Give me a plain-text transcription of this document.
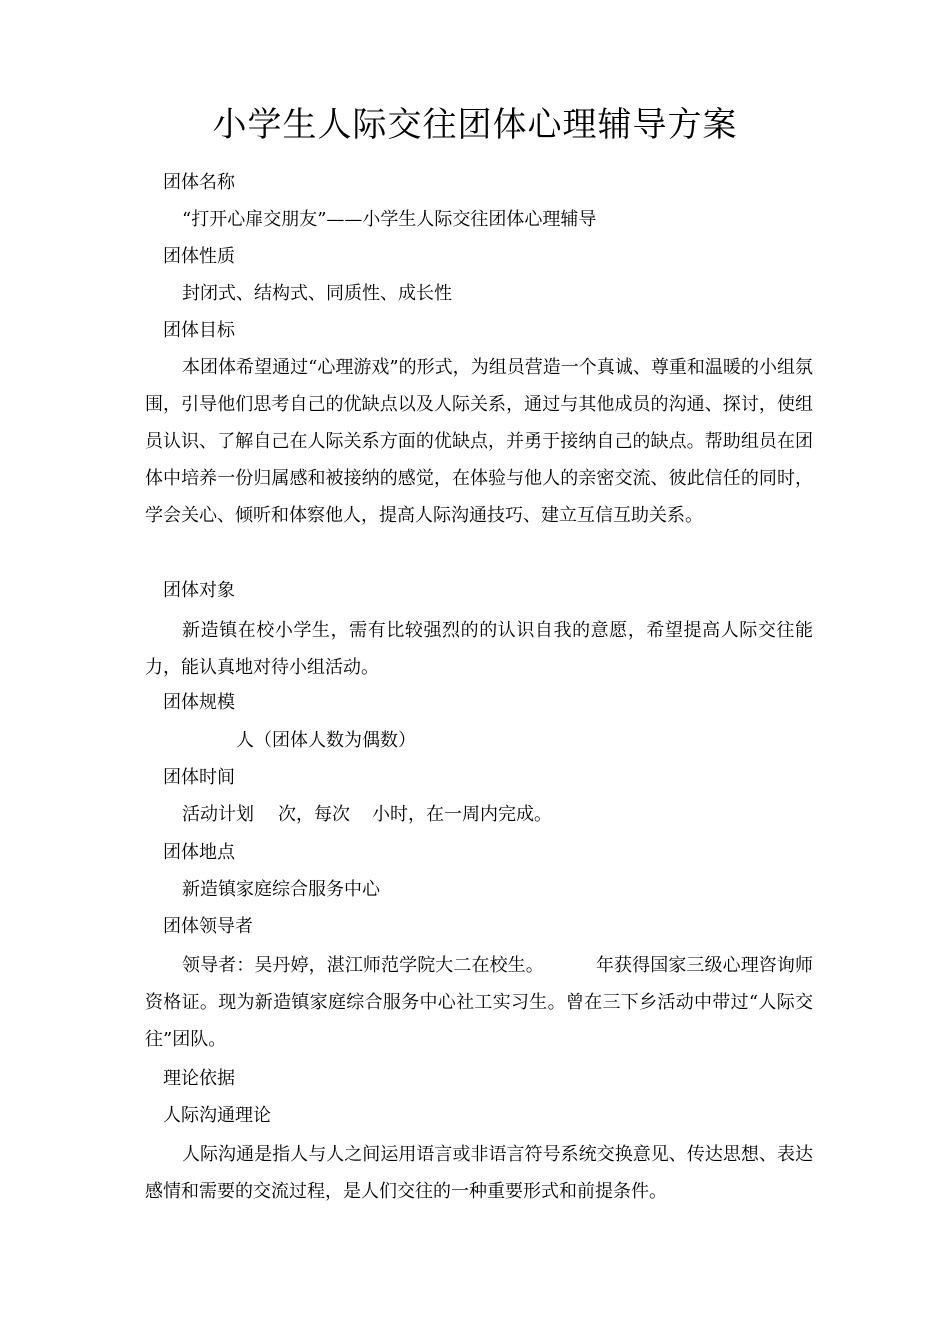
小学生人际交往团体心理辅导方案

团体名称

“打开心扉交朋友”——小学生人际交往团体心理辅导

团体性质

封闭式、结构式、同质性、成长性

团体目标

本团体希望通过“心理游戏”的形式，为组员营造一个真诚、尊重和温暖的小组氛围，引导他们思考自己的优缺点以及人际关系，通过与其他成员的沟通、探讨，使组员认识、了解自己在人际关系方面的优缺点，并勇于接纳自己的缺点。帮助组员在团体中培养一份归属感和被接纳的感觉，在体验与他人的亲密交流、彼此信任的同时，学会关心、倾听和体察他人，提高人际沟通技巧、建立互信互助关系。

团体对象

新造镇在校小学生，需有比较强烈的的认识自我的意愿，希望提高人际交往能力，能认真地对待小组活动。

团体规模

人（团体人数为偶数）

团体时间

活动计划 次，每次 小时，在一周内完成。

团体地点

新造镇家庭综合服务中心

团体领导者

领导者：吴丹婷，湛江师范学院大二在校生。	年获得国家三级心理咨询师资格证。现为新造镇家庭综合服务中心社工实习生。曾在三下乡活动中带过“人际交往”团队。

理论依据

人际沟通理论

人际沟通是指人与人之间运用语言或非语言符号系统交换意见、传达思想、表达感情和需要的交流过程，是人们交往的一种重要形式和前提条件。
